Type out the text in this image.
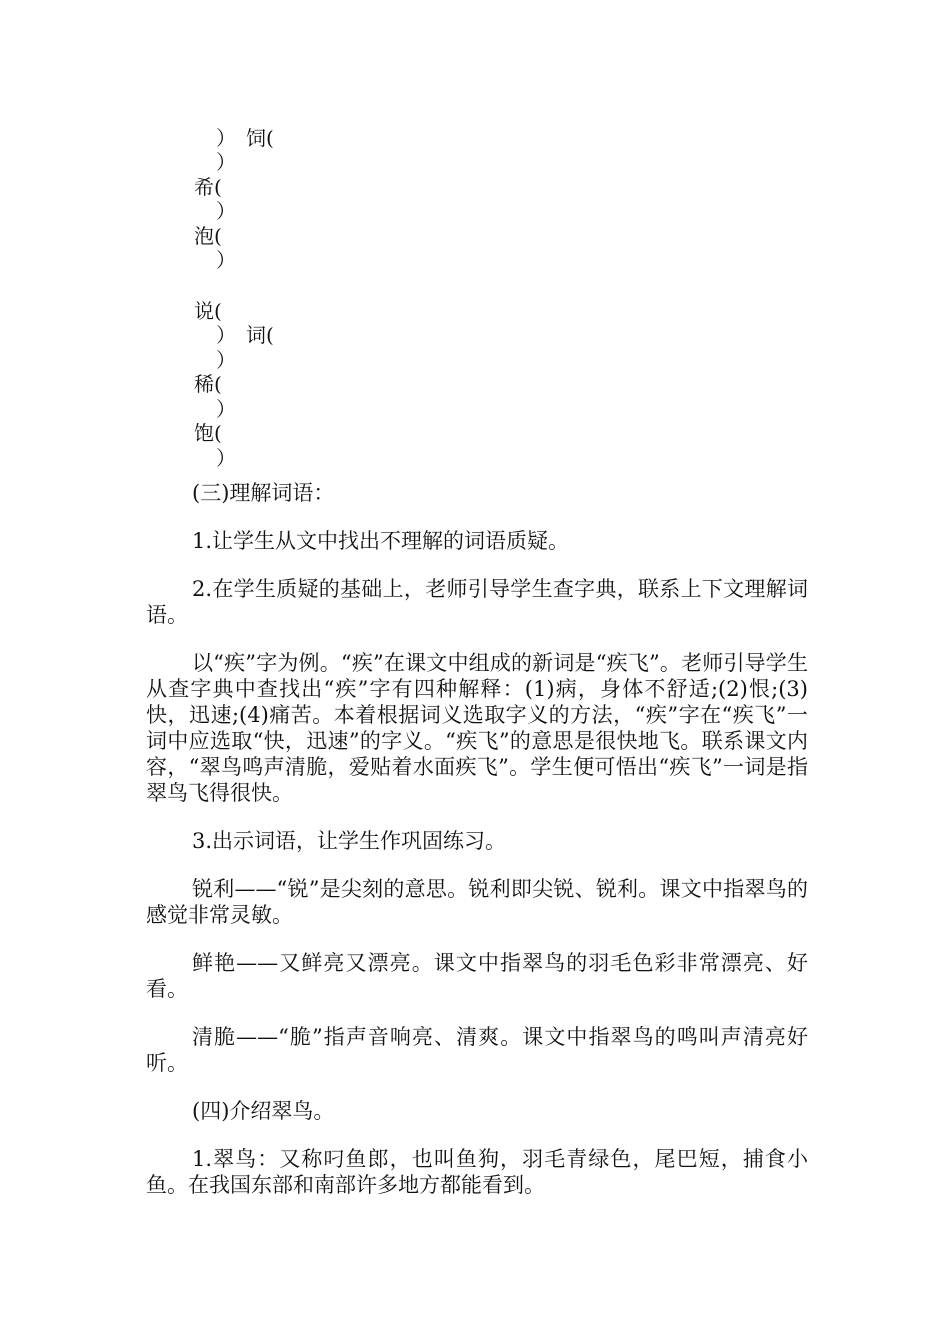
） 饲(
）
希(
）
泡(
）
说(
） 词(
）
稀(
）
饱(
）

(三)理解词语：

1.让学生从文中找出不理解的词语质疑。

2.在学生质疑的基础上，老师引导学生查字典，联系上下文理解词语。

以“疾”字为例。“疾”在课文中组成的新词是“疾飞”。老师引导学生从查字典中查找出“疾”字有四种解释：(1)病，身体不舒适;(2)恨;(3)快，迅速;(4)痛苦。本着根据词义选取字义的方法，“疾”字在“疾飞”一词中应选取“快，迅速”的字义。“疾飞”的意思是很快地飞。联系课文内容，“翠鸟鸣声清脆，爱贴着水面疾飞”。学生便可悟出“疾飞”一词是指翠鸟飞得很快。

3.出示词语，让学生作巩固练习。

锐利——“锐”是尖刻的意思。锐利即尖锐、锐利。课文中指翠鸟的感觉非常灵敏。

鲜艳——又鲜亮又漂亮。课文中指翠鸟的羽毛色彩非常漂亮、好看。

清脆——“脆”指声音响亮、清爽。课文中指翠鸟的鸣叫声清亮好听。

(四)介绍翠鸟。

1.翠鸟：又称叼鱼郎，也叫鱼狗，羽毛青绿色，尾巴短，捕食小鱼。在我国东部和南部许多地方都能看到。
